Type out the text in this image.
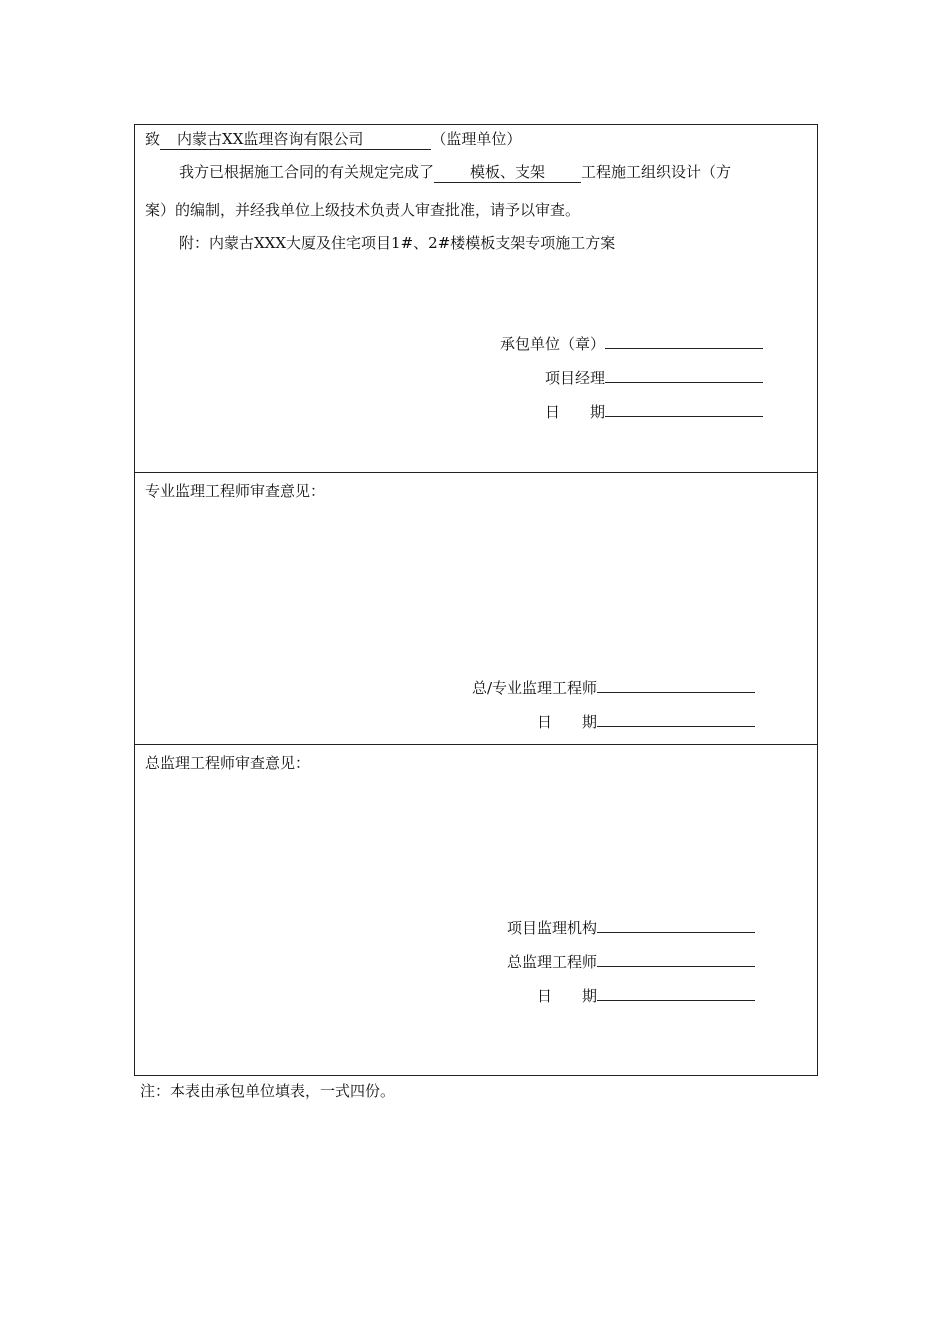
致 内蒙古XX监理咨询有限公司	（监理单位）
我方已根据施工合同的有关规定完成了 模板、支架 工程施工组织设计（方
案）的编制，并经我单位上级技术负责人审查批准，请予以审查。
附：内蒙古XXX大厦及住宅项目1#、2#楼模板支架专项施工方案
承包单位（章）
项目经理
日　　期
专业监理工程师审查意见：
总/专业监理工程师
日　　期
总监理工程师审查意见：
项目监理机构
总监理工程师
日　　期
注：本表由承包单位填表，一式四份。
